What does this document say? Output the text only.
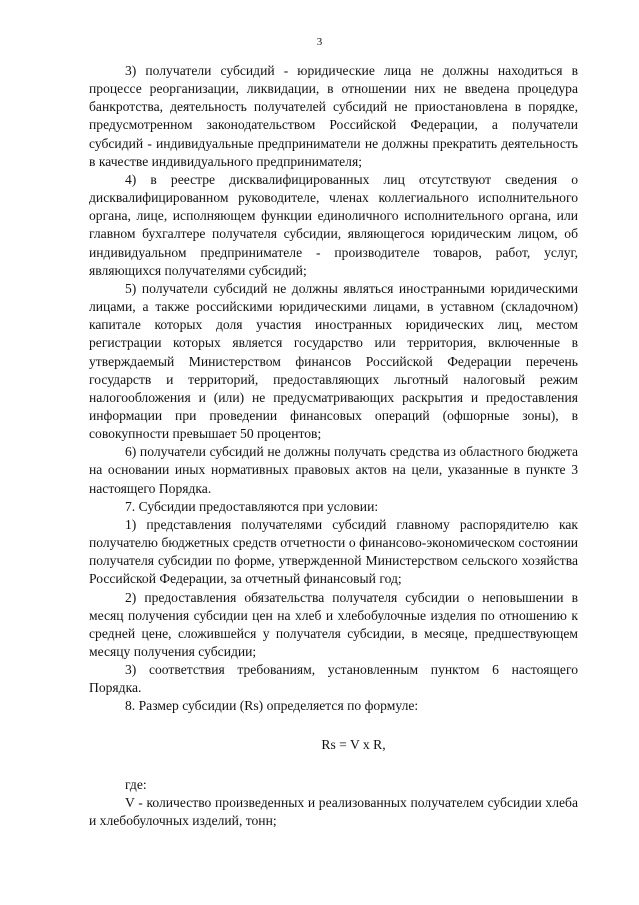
3

3) получатели субсидий - юридические лица не должны находиться в процессе реорганизации, ликвидации, в отношении них не введена процедура банкротства, деятельность получателей субсидий не приостановлена в порядке, предусмотренном законодательством Российской Федерации, а получатели субсидий - индивидуальные предприниматели не должны прекратить деятельность в качестве индивидуального предпринимателя;

4) в реестре дисквалифицированных лиц отсутствуют сведения о дисквалифицированном руководителе, членах коллегиального исполнительного органа, лице, исполняющем функции единоличного исполнительного органа, или главном бухгалтере получателя субсидии, являющегося юридическим лицом, об индивидуальном предпринимателе - производителе товаров, работ, услуг, являющихся получателями субсидий;

5) получатели субсидий не должны являться иностранными юридическими лицами, а также российскими юридическими лицами, в уставном (складочном) капитале которых доля участия иностранных юридических лиц, местом регистрации которых является государство или территория, включенные в утверждаемый Министерством финансов Российской Федерации перечень государств и территорий, предоставляющих льготный налоговый режим налогообложения и (или) не предусматривающих раскрытия и предоставления информации при проведении финансовых операций (офшорные зоны), в совокупности превышает 50 процентов;

6) получатели субсидий не должны получать средства из областного бюджета на основании иных нормативных правовых актов на цели, указанные в пункте 3 настоящего Порядка.

7. Субсидии предоставляются при условии:

1) представления получателями субсидий главному распорядителю как получателю бюджетных средств отчетности о финансово-экономическом состоянии получателя субсидии по форме, утвержденной Министерством сельского хозяйства Российской Федерации, за отчетный финансовый год;

2) предоставления обязательства получателя субсидии о неповышении в месяц получения субсидии цен на хлеб и хлебобулочные изделия по отношению к средней цене, сложившейся у получателя субсидии, в месяце, предшествующем месяцу получения субсидии;

3) соответствия требованиям, установленным пунктом 6 настоящего Порядка.

8. Размер субсидии (Rs) определяется по формуле:

Rs = V x R,

где:

V - количество произведенных и реализованных получателем субсидии хлеба и хлебобулочных изделий, тонн;
